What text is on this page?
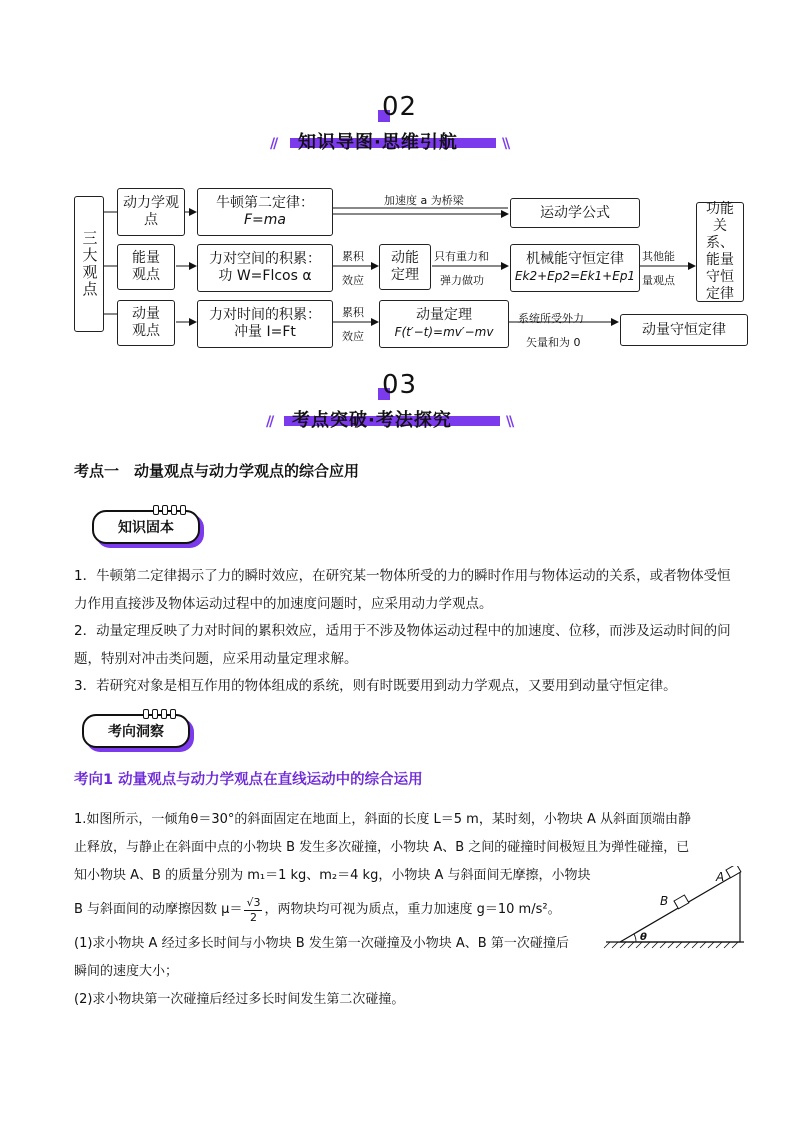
02
//	\\
知识导图·思维引航
三大观点
动力学观点
牛顿第二定律：
F=ma
加速度 a 为桥梁
运动学公式
能量观点
力对空间的积累：
功 W=Flcos α
累积
效应
动能定理
只有重力和
弹力做功
机械能守恒定律
Ek2+Ep2=Ek1+Ep1
其他能
量观点
功能关系、能量守恒定律
动量观点
力对时间的积累：
冲量 I=Ft
累积
效应
动量定理
F(t′−t)=mv′−mv
系统所受外力
矢量和为 0
动量守恒定律
03
//	\\
考点突破·考法探究
考点一　动量观点与动力学观点的综合应用
知识固本
1．牛顿第二定律揭示了力的瞬时效应，在研究某一物体所受的力的瞬时作用与物体运动的关系，或者物体受恒力作用直接涉及物体运动过程中的加速度问题时，应采用动力学观点。
2．动量定理反映了力对时间的累积效应，适用于不涉及物体运动过程中的加速度、位移，而涉及运动时间的问题，特别对冲击类问题，应采用动量定理求解。
3．若研究对象是相互作用的物体组成的系统，则有时既要用到动力学观点，又要用到动量守恒定律。
考向洞察
考向1 动量观点与动力学观点在直线运动中的综合运用
1.如图所示，一倾角θ＝30°的斜面固定在地面上，斜面的长度 L＝5 m，某时刻，小物块 A 从斜面顶端由静
止释放，与静止在斜面中点的小物块 B 发生多次碰撞，小物块 A、B 之间的碰撞时间极短且为弹性碰撞，已
知小物块 A、B 的质量分别为 m₁＝1 kg、m₂＝4 kg，小物块 A 与斜面间无摩擦，小物块
B 与斜面间的动摩擦因数 $\mu= \frac{√3}{2}$ ，两物块均可视为质点，重力加速度 g＝10 m/s²。
(1)求小物块 A 经过多长时间与小物块 B 发生第一次碰撞及小物块 A、B 第一次碰撞后
瞬间的速度大小；
(2)求小物块第一次碰撞后经过多长时间发生第二次碰撞。
A
B
θ
